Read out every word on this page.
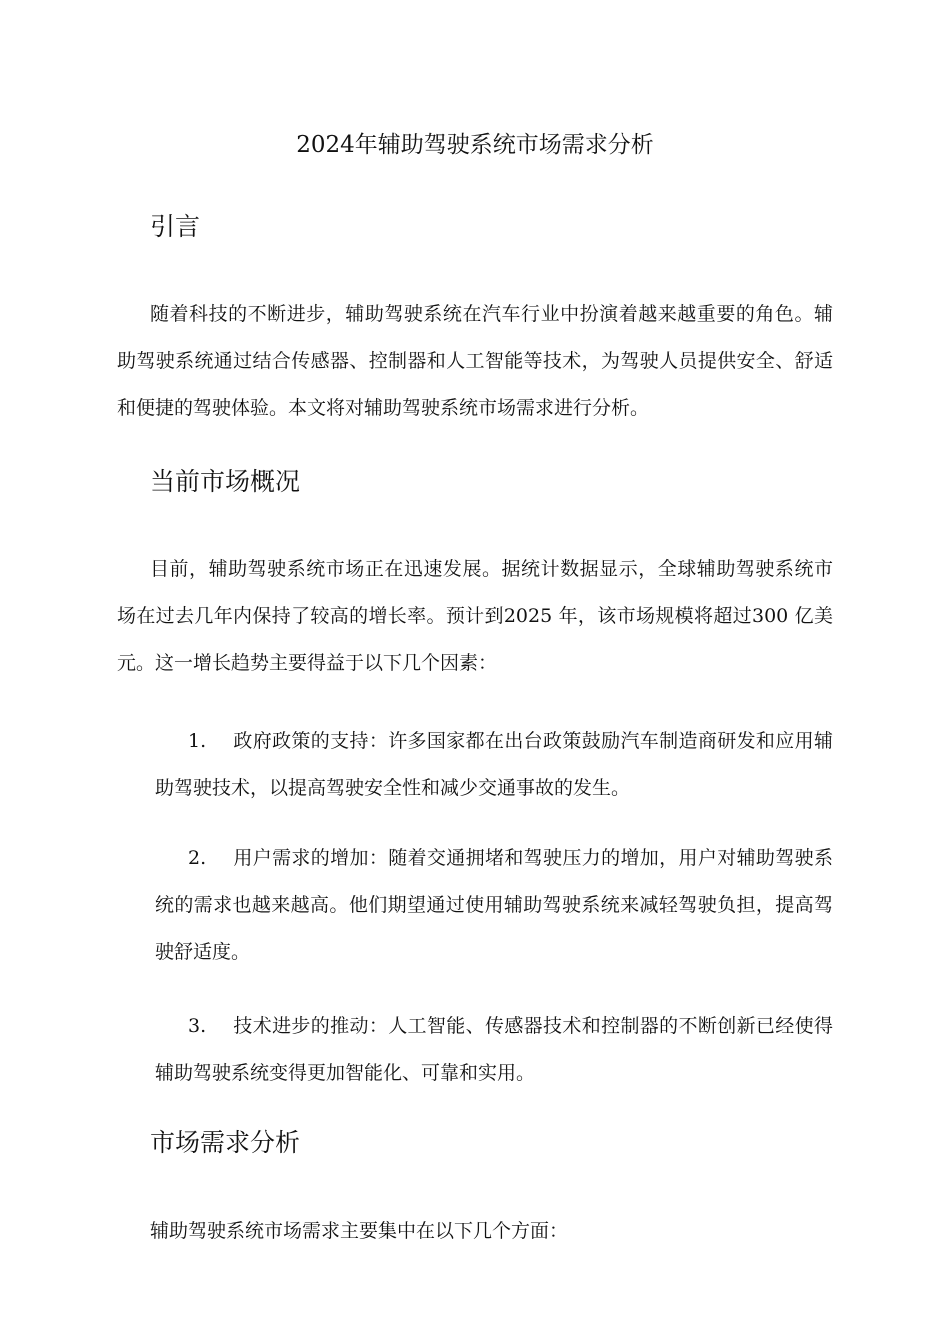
2024年辅助驾驶系统市场需求分析
引言

随着科技的不断进步，辅助驾驶系统在汽车行业中扮演着越来越重要的角色。辅助驾驶系统通过结合传感器、控制器和人工智能等技术，为驾驶人员提供安全、舒适和便捷的驾驶体验。本文将对辅助驾驶系统市场需求进行分析。

当前市场概况

目前，辅助驾驶系统市场正在迅速发展。据统计数据显示，全球辅助驾驶系统市场在过去几年内保持了较高的增长率。预计到2025 年，该市场规模将超过300 亿美元。这一增长趋势主要得益于以下几个因素：

1. 政府政策的支持：许多国家都在出台政策鼓励汽车制造商研发和应用辅助驾驶技术，以提高驾驶安全性和减少交通事故的发生。

2. 用户需求的增加：随着交通拥堵和驾驶压力的增加，用户对辅助驾驶系统的需求也越来越高。他们期望通过使用辅助驾驶系统来减轻驾驶负担，提高驾驶舒适度。

3. 技术进步的推动：人工智能、传感器技术和控制器的不断创新已经使得辅助驾驶系统变得更加智能化、可靠和实用。

市场需求分析

辅助驾驶系统市场需求主要集中在以下几个方面：
